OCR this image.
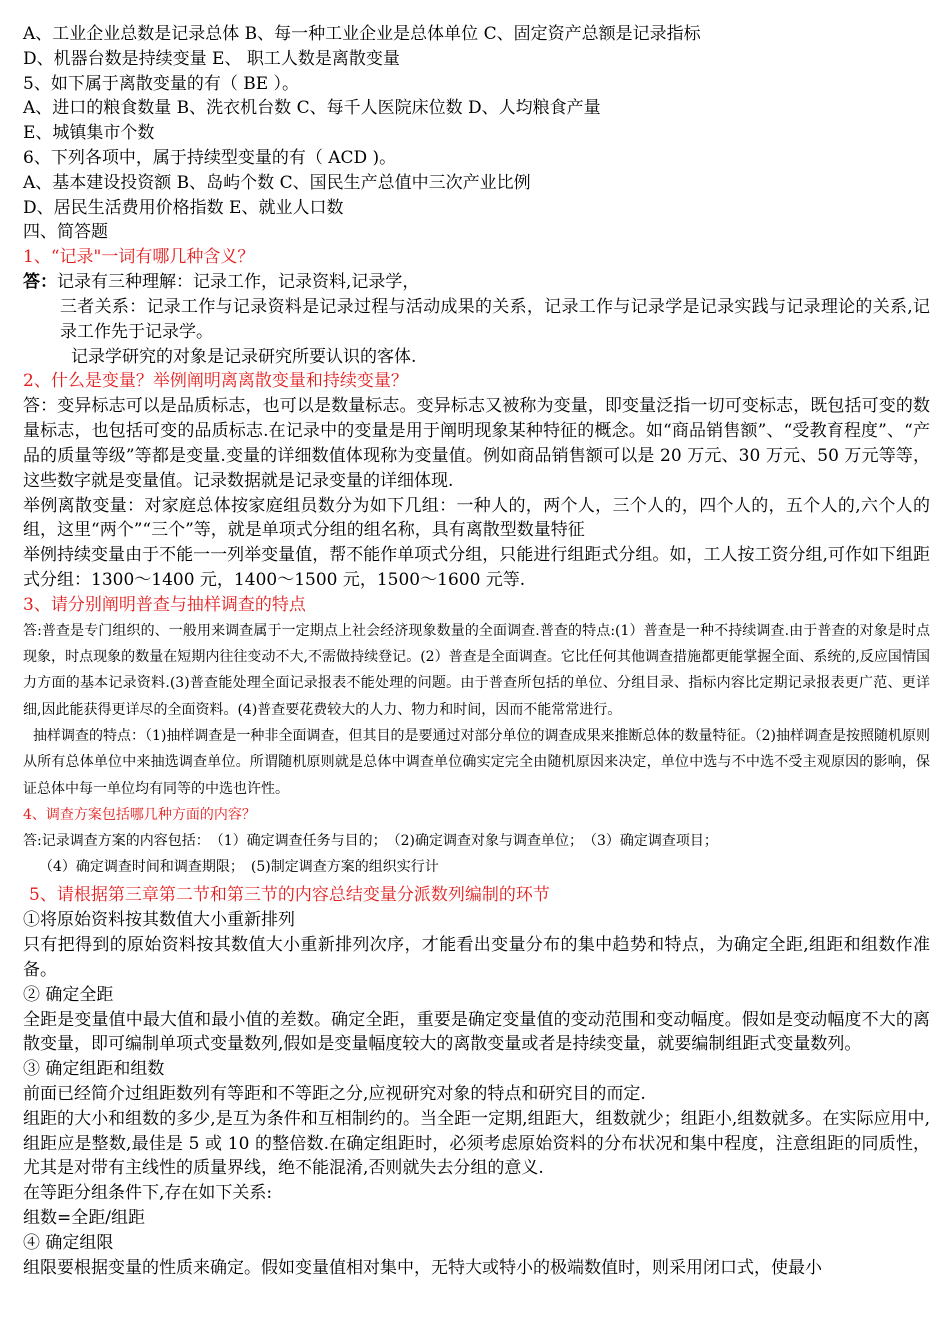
A、工业企业总数是记录总体 B、每一种工业企业是总体单位 C、固定资产总额是记录指标

D、机器台数是持续变量 E、 职工人数是离散变量

5、如下属于离散变量的有（ BE ）。

A、进口的粮食数量 B、洗衣机台数 C、每千人医院床位数 D、人均粮食产量

E、城镇集市个数

6、下列各项中，属于持续型变量的有（ ACD )。

A、基本建设投资额 B、岛屿个数 C、国民生产总值中三次产业比例

D、居民生活费用价格指数 E、就业人口数

四、简答题

1、“记录"一词有哪几种含义？

答：记录有三种理解：记录工作，记录资料,记录学，

三者关系：记录工作与记录资料是记录过程与活动成果的关系，记录工作与记录学是记录实践与记录理论的关系,记录工作先于记录学。

记录学研究的对象是记录研究所要认识的客体.

2、什么是变量？举例阐明离离散变量和持续变量？

答：变异标志可以是品质标志，也可以是数量标志。变异标志又被称为变量，即变量泛指一切可变标志，既包括可变的数量标志，也包括可变的品质标志.在记录中的变量是用于阐明现象某种特征的概念。如“商品销售额”、“受教育程度”、“产品的质量等级”等都是变量.变量的详细数值体现称为变量值。例如商品销售额可以是 20 万元、30 万元、50 万元等等，这些数字就是变量值。记录数据就是记录变量的详细体现.

举例离散变量：对家庭总体按家庭组员数分为如下几组：一种人的，两个人，三个人的，四个人的，五个人的,六个人的组，这里“两个”“三个”等，就是单项式分组的组名称，具有离散型数量特征

举例持续变量由于不能一一列举变量值，帮不能作单项式分组，只能进行组距式分组。如，工人按工资分组,可作如下组距式分组：1300～1400 元，1400～1500 元，1500～1600 元等.

3、请分别阐明普查与抽样调查的特点

答:普查是专门组织的、一般用来调查属于一定期点上社会经济现象数量的全面调查.普查的特点:(1）普查是一种不持续调查.由于普查的对象是时点现象，时点现象的数量在短期内往往变动不大,不需做持续登记。(2）普查是全面调查。它比任何其他调查措施都更能掌握全面、系统的,反应国情国力方面的基本记录资料.(3)普查能处理全面记录报表不能处理的问题。由于普查所包括的单位、分组目录、指标内容比定期记录报表更广范、更详细,因此能获得更详尽的全面资料。(4)普查要花费较大的人力、物力和时间，因而不能常常进行。

抽样调查的特点：（1)抽样调查是一种非全面调查，但其目的是要通过对部分单位的调查成果来推断总体的数量特征。（2)抽样调查是按照随机原则从所有总体单位中来抽选调查单位。所谓随机原则就是总体中调查单位确实定完全由随机原因来决定，单位中选与不中选不受主观原因的影响，保证总体中每一单位均有同等的中选也许性。

4、调查方案包括哪几种方面的内容？

答:记录调查方案的内容包括：　（1）确定调查任务与目的；　（2)确定调查对象与调查单位；　（3）确定调查项目；

（4）确定调查时间和调查期限；　(5)制定调查方案的组织实行计

5、请根据第三章第二节和第三节的内容总结变量分派数列编制的环节

①将原始资料按其数值大小重新排列

只有把得到的原始资料按其数值大小重新排列次序，才能看出变量分布的集中趋势和特点，为确定全距,组距和组数作准备。

② 确定全距

全距是变量值中最大值和最小值的差数。确定全距，重要是确定变量值的变动范围和变动幅度。假如是变动幅度不大的离散变量，即可编制单项式变量数列,假如是变量幅度较大的离散变量或者是持续变量，就要编制组距式变量数列。

③ 确定组距和组数

前面已经简介过组距数列有等距和不等距之分,应视研究对象的特点和研究目的而定.

组距的大小和组数的多少,是互为条件和互相制约的。当全距一定期,组距大，组数就少；组距小,组数就多。在实际应用中,组距应是整数,最佳是 5 或 10 的整倍数.在确定组距时，必须考虑原始资料的分布状况和集中程度，注意组距的同质性，尤其是对带有主线性的质量界线，绝不能混淆,否则就失去分组的意义.

在等距分组条件下,存在如下关系:

组数=全距/组距

④ 确定组限

组限要根据变量的性质来确定。假如变量值相对集中，无特大或特小的极端数值时，则采用闭口式，使最小
